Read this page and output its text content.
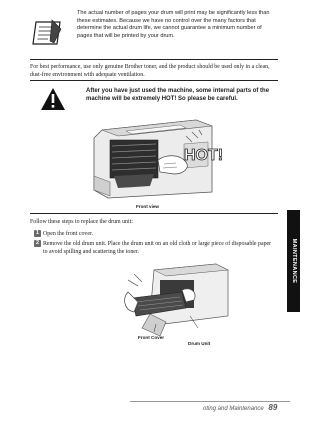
The actual number of pages your drum will print may be significantly less than these estimates. Because we have no control over the many factors that determine the actual drum life, we cannot guarantee a minimum number of pages that will be printed by your drum.
For best performance, use only genuine Brother toner, and the product should be used only in a clean, dust-free environment with adequate ventilation.
After you have just used the machine, some internal parts of the machine will be extremely HOT! So please be careful.
HOT!
Front view
Follow these steps to replace the drum unit:
1 Open the front cover.
2 Remove the old drum unit. Place the drum unit on an old cloth or large piece of disposable paper to avoid spilling and scattering the toner.
Front Cover
Drum Unit
MAINTENANCE
oting and Maintenance 89
